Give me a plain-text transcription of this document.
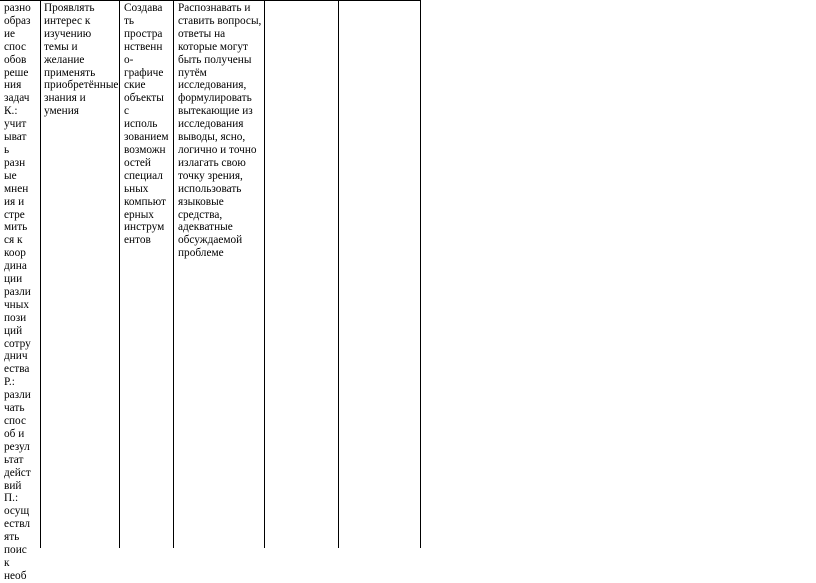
разно
образ
ие
спос
обов
реше
ния
задач
К.:
учит
ыват
ь
разн
ые
мнен
ия и
стре
мить
ся к
коор
дина
ции
разли
чных
пози
ций
сотру
днич
ества
Р.:
разли
чать
спос
об и
резул
ьтат
дейст
вий
П.:
осущ
ествл
ять
поис
к
необ
Проявлять
интерес к
изучению
темы и
желание
применять
приобретённые
знания и
умения
Создава
ть
простра
нственн
о-
графиче
ские
объекты
с
исполь
зованием
возможн
остей
специал
ьных
компьют
ерных
инструм
ентов
Распознавать и
ставить вопросы,
ответы на
которые могут
быть получены
путём
исследования,
формулировать
вытекающие из
исследования
выводы, ясно,
логично и точно
излагать свою
точку зрения,
использовать
языковые
средства,
адекватные
обсуждаемой
проблеме
